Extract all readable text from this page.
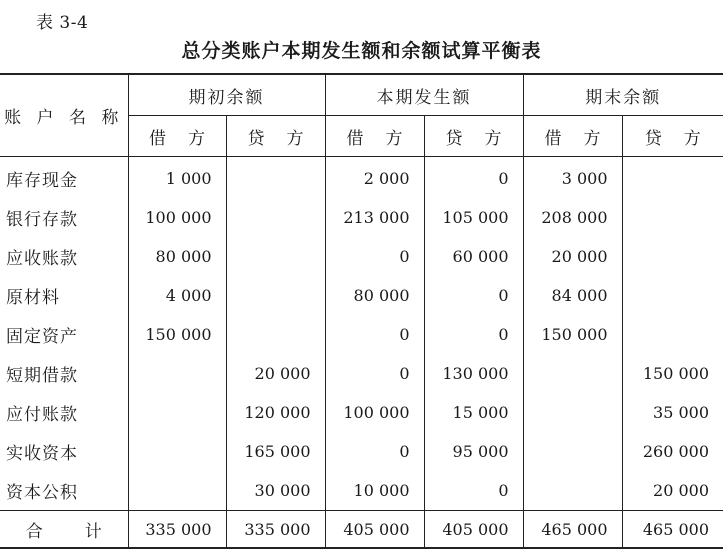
表 3-4
总分类账户本期发生额和余额试算平衡表
账 户 名 称	期初余额		本期发生额		期末余额	
	借 方	贷 方	借 方	贷 方	借 方	贷 方
库存现金	1 000		2 000	0	3 000	
银行存款	100 000		213 000	105 000	208 000	
应收账款	80 000		0	60 000	20 000	
原材料	4 000		80 000	0	84 000	
固定资产	150 000		0	0	150 000	
短期借款		20 000	0	130 000		150 000
应付账款		120 000	100 000	15 000		35 000
实收资本		165 000	0	95 000		260 000
资本公积		30 000	10 000	0		20 000
合 计	335 000	335 000	405 000	405 000	465 000	465 000
